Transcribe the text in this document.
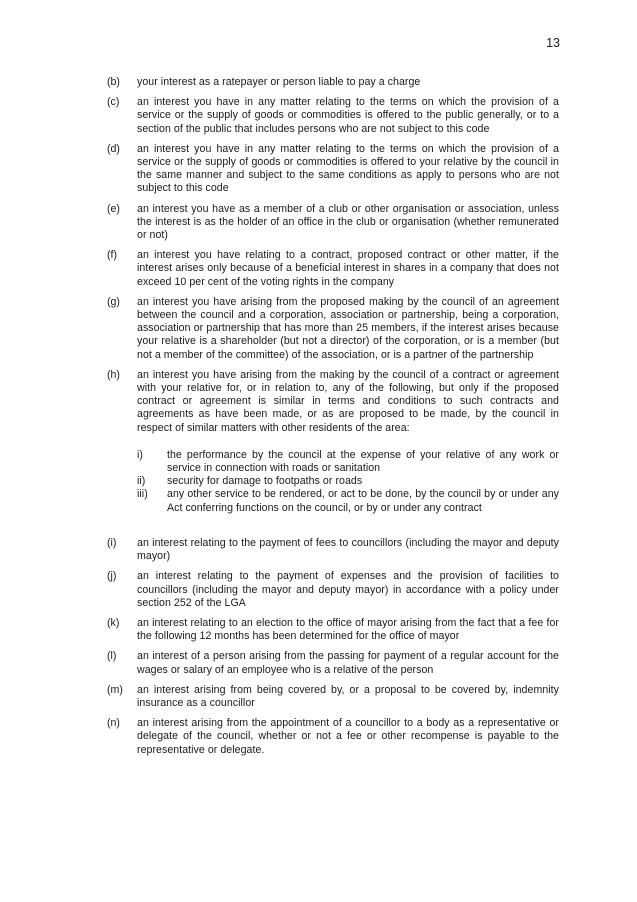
13
(b)	your interest as a ratepayer or person liable to pay a charge
(c)	an interest you have in any matter relating to the terms on which the provision of a service or the supply of goods or commodities is offered to the public generally, or to a section of the public that includes persons who are not subject to this code
(d)	an interest you have in any matter relating to the terms on which the provision of a service or the supply of goods or commodities is offered to your relative by the council in the same manner and subject to the same conditions as apply to persons who are not subject to this code
(e)	an interest you have as a member of a club or other organisation or association, unless the interest is as the holder of an office in the club or organisation (whether remunerated or not)
(f)	an interest you have relating to a contract, proposed contract or other matter, if the interest arises only because of a beneficial interest in shares in a company that does not exceed 10 per cent of the voting rights in the company
(g)	an interest you have arising from the proposed making by the council of an agreement between the council and a corporation, association or partnership, being a corporation, association or partnership that has more than 25 members, if the interest arises because your relative is a shareholder (but not a director) of the corporation, or is a member (but not a member of the committee) of the association, or is a partner of the partnership
(h)	an interest you have arising from the making by the council of a contract or agreement with your relative for, or in relation to, any of the following, but only if the proposed contract or agreement is similar in terms and conditions to such contracts and agreements as have been made, or as are proposed to be made, by the council in respect of similar matters with other residents of the area:
i)	the performance by the council at the expense of your relative of any work or service in connection with roads or sanitation
ii)	security for damage to footpaths or roads
iii)	any other service to be rendered, or act to be done, by the council by or under any Act conferring functions on the council, or by or under any contract
(i)	an interest relating to the payment of fees to councillors (including the mayor and deputy mayor)
(j)	an interest relating to the payment of expenses and the provision of facilities to councillors (including the mayor and deputy mayor) in accordance with a policy under section 252 of the LGA
(k)	an interest relating to an election to the office of mayor arising from the fact that a fee for the following 12 months has been determined for the office of mayor
(l)	an interest of a person arising from the passing for payment of a regular account for the wages or salary of an employee who is a relative of the person
(m)	an interest arising from being covered by, or a proposal to be covered by, indemnity insurance as a councillor
(n)	an interest arising from the appointment of a councillor to a body as a representative or delegate of the council, whether or not a fee or other recompense is payable to the representative or delegate.
